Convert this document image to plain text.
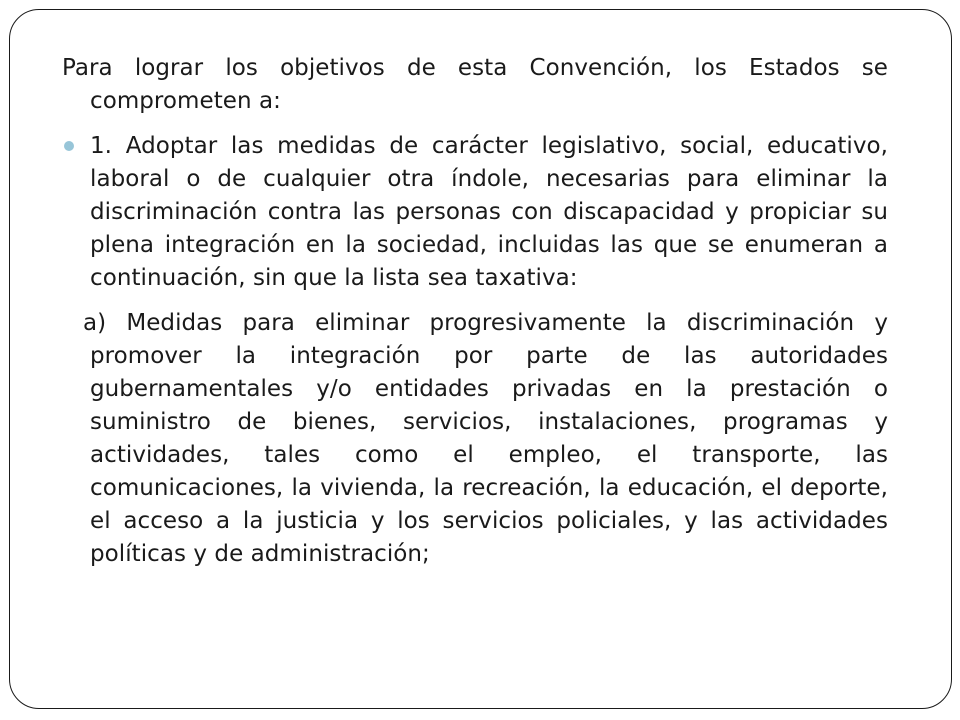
Para lograr los objetivos de esta Convención, los Estados se comprometen a:

1. Adoptar las medidas de carácter legislativo, social, educativo, laboral o de cualquier otra índole, necesarias para eliminar la discriminación contra las personas con discapacidad y propiciar su plena integración en la sociedad, incluidas las que se enumeran a continuación, sin que la lista sea taxativa:

a) Medidas para eliminar progresivamente la discriminación y promover la integración por parte de las autoridades gubernamentales y/o entidades privadas en la prestación o suministro de bienes, servicios, instalaciones, programas y actividades, tales como el empleo, el transporte, las comunicaciones, la vivienda, la recreación, la educación, el deporte, el acceso a la justicia y los servicios policiales, y las actividades políticas y de administración;
